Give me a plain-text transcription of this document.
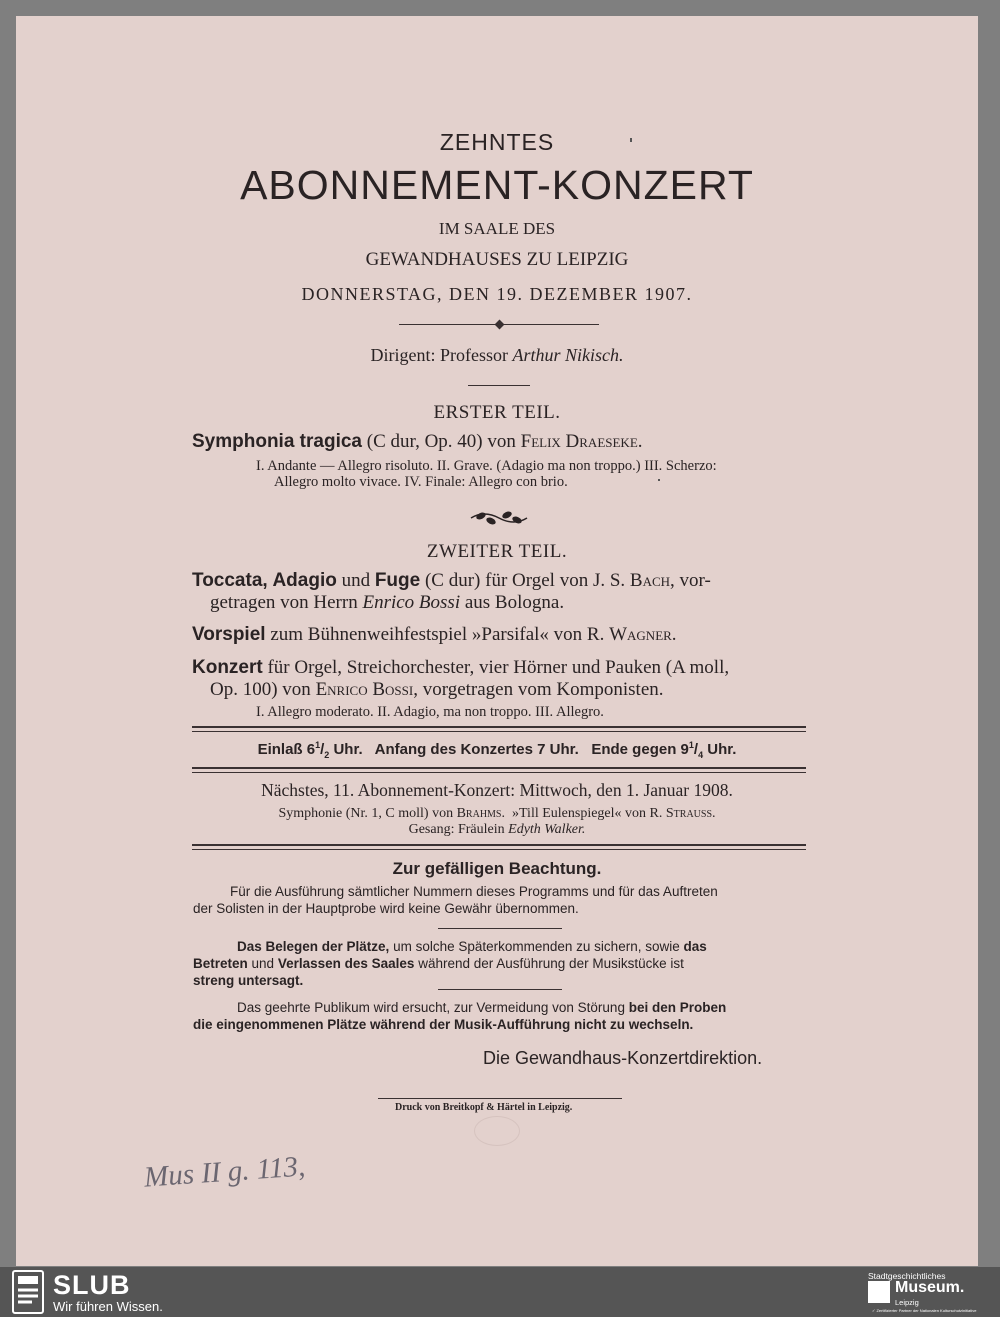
ZEHNTES
ABONNEMENT-KONZERT
IM SAALE DES
GEWANDHAUSES ZU LEIPZIG
DONNERSTAG, DEN 19. DEZEMBER 1907.
Dirigent: Professor Arthur Nikisch.
ERSTER TEIL.
Symphonia tragica (C dur, Op. 40) von Felix Draeseke.
I. Andante — Allegro risoluto. II. Grave. (Adagio ma non troppo.) III. Scherzo:
Allegro molto vivace. IV. Finale: Allegro con brio.
ZWEITER TEIL.
Toccata, Adagio und Fuge (C dur) für Orgel von J. S. Bach, vor-
getragen von Herrn Enrico Bossi aus Bologna.
Vorspiel zum Bühnenweihfestspiel »Parsifal« von R. Wagner.
Konzert für Orgel, Streichorchester, vier Hörner und Pauken (A moll,
Op. 100) von Enrico Bossi, vorgetragen vom Komponisten.
I. Allegro moderato. II. Adagio, ma non troppo. III. Allegro.
Einlaß $6^1/_2$ Uhr. Anfang des Konzertes 7 Uhr. Ende gegen $9^1/_4$ Uhr.
Nächstes, 11. Abonnement-Konzert: Mittwoch, den 1. Januar 1908.
Symphonie (Nr. 1, C moll) von Brahms. »Till Eulenspiegel« von R. Strauss.
Gesang: Fräulein Edyth Walker.
Zur gefälligen Beachtung.
Für die Ausführung sämtlicher Nummern dieses Programms und für das Auftreten
der Solisten in der Hauptprobe wird keine Gewähr übernommen.
Das Belegen der Plätze, um solche Späterkommenden zu sichern, sowie das
Betreten und Verlassen des Saales während der Ausführung der Musikstücke ist
streng untersagt.
Das geehrte Publikum wird ersucht, zur Vermeidung von Störung bei den Proben
die eingenommenen Plätze während der Musik-Aufführung nicht zu wechseln.
Die Gewandhaus-Konzertdirektion.
Druck von Breitkopf & Härtel in Leipzig.
Mus II g. 113,
SLUB
Wir führen Wissen.
Stadtgeschichtliches
Museum.
Leipzig
✓ Zertifizierter Partner der Nationalen Kulturschutzinitiative
